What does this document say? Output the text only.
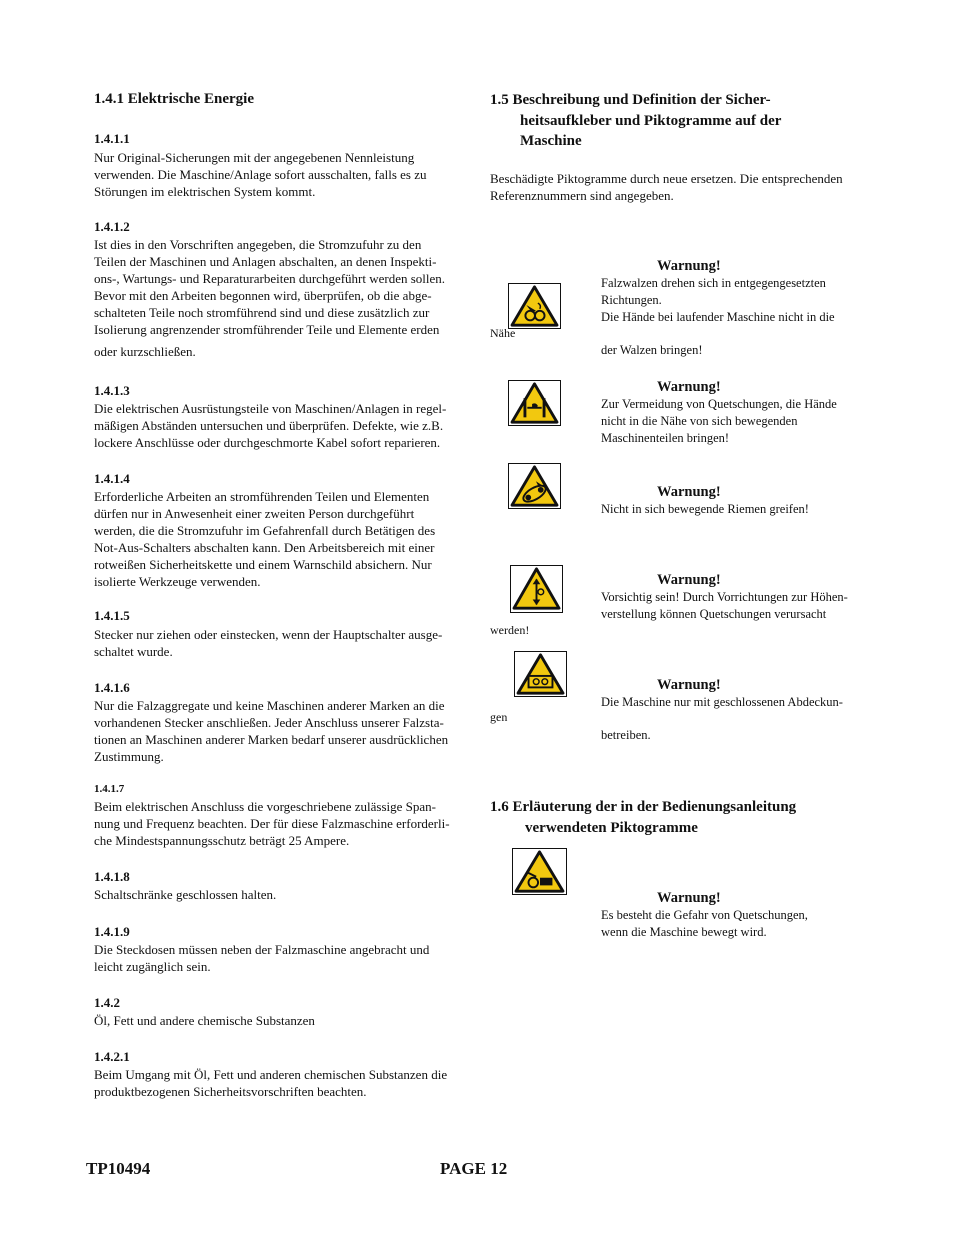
1.4.1 Elektrische Energie
1.4.1.1
Nur Original-Sicherungen mit der angegebenen Nennleistung
verwenden. Die Maschine/Anlage sofort ausschalten, falls es zu
Störungen im elektrischen System kommt.
1.4.1.2
Ist dies in den Vorschriften angegeben, die Stromzufuhr zu den
Teilen der Maschinen und Anlagen abschalten, an denen Inspekti-
ons-, Wartungs- und Reparaturarbeiten durchgeführt werden sollen.
Bevor mit den Arbeiten begonnen wird, überprüfen, ob die abge-
schalteten Teile noch stromführend sind und diese zusätzlich zur
Isolierung angrenzender stromführender Teile und Elemente erden
oder kurzschließen.
1.4.1.3
Die elektrischen Ausrüstungsteile von Maschinen/Anlagen in regel-
mäßigen Abständen untersuchen und überprüfen. Defekte, wie z.B.
lockere Anschlüsse oder durchgeschmorte Kabel sofort reparieren.
1.4.1.4
Erforderliche Arbeiten an stromführenden Teilen und Elementen
dürfen nur in Anwesenheit einer zweiten Person durchgeführt
werden, die die Stromzufuhr im Gefahrenfall durch Betätigen des
Not-Aus-Schalters abschalten kann. Den Arbeitsbereich mit einer
rotweißen Sicherheitskette und einem Warnschild absichern. Nur
isolierte Werkzeuge verwenden.
1.4.1.5
Stecker nur ziehen oder einstecken, wenn der Hauptschalter ausge-
schaltet wurde.
1.4.1.6
Nur die Falzaggregate und keine Maschinen anderer Marken an die
vorhandenen Stecker anschließen. Jeder Anschluss unserer Falzsta-
tionen an Maschinen anderer Marken bedarf unserer ausdrücklichen
Zustimmung.
1.4.1.7
Beim elektrischen Anschluss die vorgeschriebene zulässige Span-
nung und Frequenz beachten. Der für diese Falzmaschine erforderli-
che Mindestspannungsschutz beträgt 25 Ampere.
1.4.1.8
Schaltschränke geschlossen halten.
1.4.1.9
Die Steckdosen müssen neben der Falzmaschine angebracht und
leicht zugänglich sein.
1.4.2
Öl, Fett und andere chemische Substanzen
1.4.2.1
Beim Umgang mit Öl, Fett und anderen chemischen Substanzen die
produktbezogenen Sicherheitsvorschriften beachten.
1.5 Beschreibung und Definition der Sicher-
heitsaufkleber und Piktogramme auf der
Maschine
Beschädigte Piktogramme durch neue ersetzen. Die entsprechenden
Referenznummern sind angegeben.
Warnung!
Falzwalzen drehen sich in entgegengesetzten
Richtungen.
Die Hände bei laufender Maschine nicht in die
Nähe
der Walzen bringen!
Warnung!
Zur Vermeidung von Quetschungen, die Hände
nicht in die Nähe von sich bewegenden
Maschinenteilen bringen!
Warnung!
Nicht in sich bewegende Riemen greifen!
Warnung!
Vorsichtig sein! Durch Vorrichtungen zur Höhen-
verstellung können Quetschungen verursacht
werden!
Warnung!
Die Maschine nur mit geschlossenen Abdeckun-
gen
betreiben.
1.6 Erläuterung der in der Bedienungsanleitung
verwendeten Piktogramme
Warnung!
Es besteht die Gefahr von Quetschungen,
wenn die Maschine bewegt wird.
TP10494	PAGE 12
